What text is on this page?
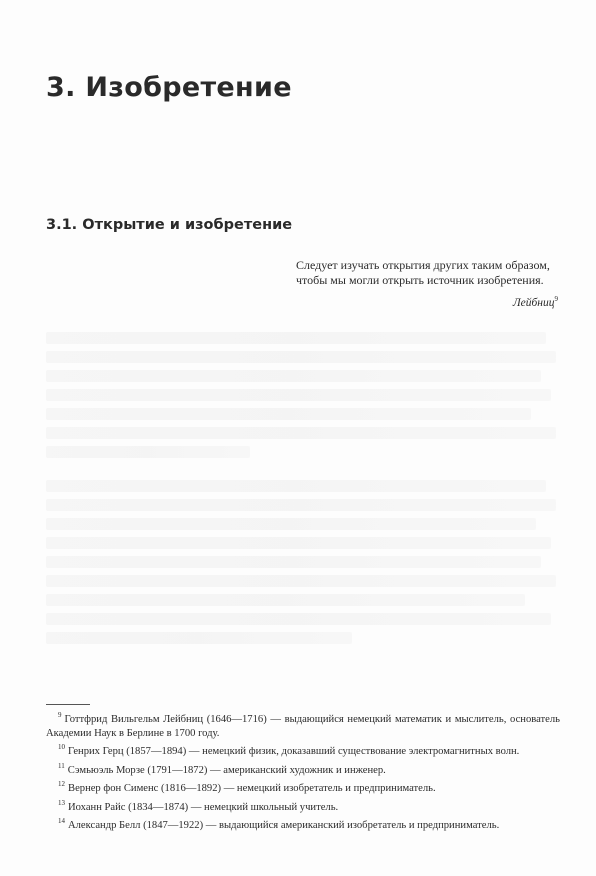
3. Изобретение
3.1. Открытие и изобретение
Следует изучать открытия других таким образом,
чтобы мы могли открыть источник изобретения.
Лейбниц$^9$

$^9$ Готтфрид Вильгельм Лейбниц (1646—1716) — выдающийся немецкий математик и мыслитель, основатель Академии Наук в Берлине в 1700 году.

$^{10}$ Генрих Герц (1857—1894) — немецкий физик, доказавший существование электромагнитных волн.

$^{11}$ Сэмьюэль Морзе (1791—1872) — американский художник и инженер.

$^{12}$ Вернер фон Сименс (1816—1892) — немецкий изобретатель и предприниматель.

$^{13}$ Иоханн Райс (1834—1874) — немецкий школьный учитель.

$^{14}$ Александр Белл (1847—1922) — выдающийся американский изобретатель и предприниматель.
